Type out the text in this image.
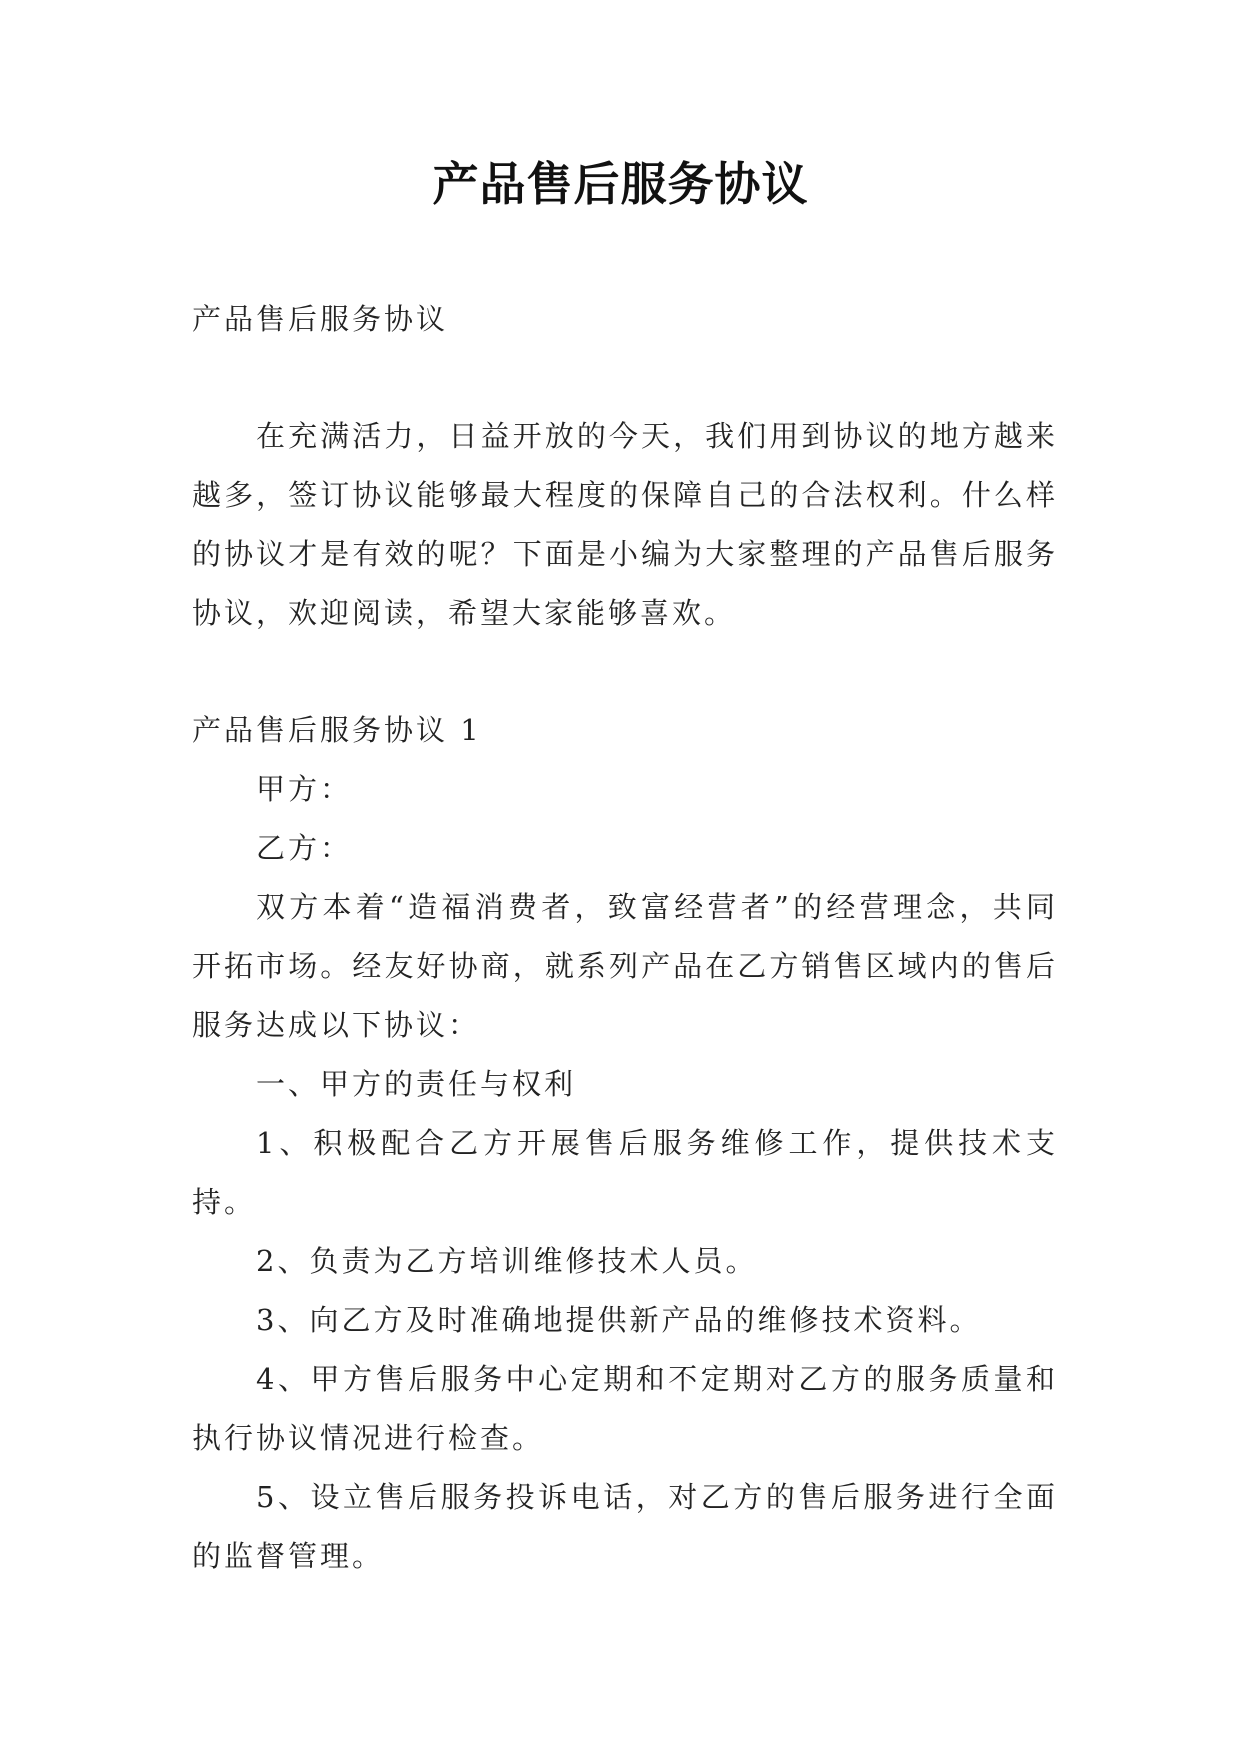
产品售后服务协议

产品售后服务协议

在充满活力，日益开放的今天，我们用到协议的地方越来越多，签订协议能够最大程度的保障自己的合法权利。什么样的协议才是有效的呢？下面是小编为大家整理的产品售后服务协议，欢迎阅读，希望大家能够喜欢。

产品售后服务协议 1

甲方：

乙方：

双方本着“造福消费者，致富经营者”的经营理念，共同开拓市场。经友好协商，就系列产品在乙方销售区域内的售后服务达成以下协议：

一、甲方的责任与权利

1、积极配合乙方开展售后服务维修工作，提供技术支持。

2、负责为乙方培训维修技术人员。

3、向乙方及时准确地提供新产品的维修技术资料。

4、甲方售后服务中心定期和不定期对乙方的服务质量和执行协议情况进行检查。

5、设立售后服务投诉电话，对乙方的售后服务进行全面的监督管理。
